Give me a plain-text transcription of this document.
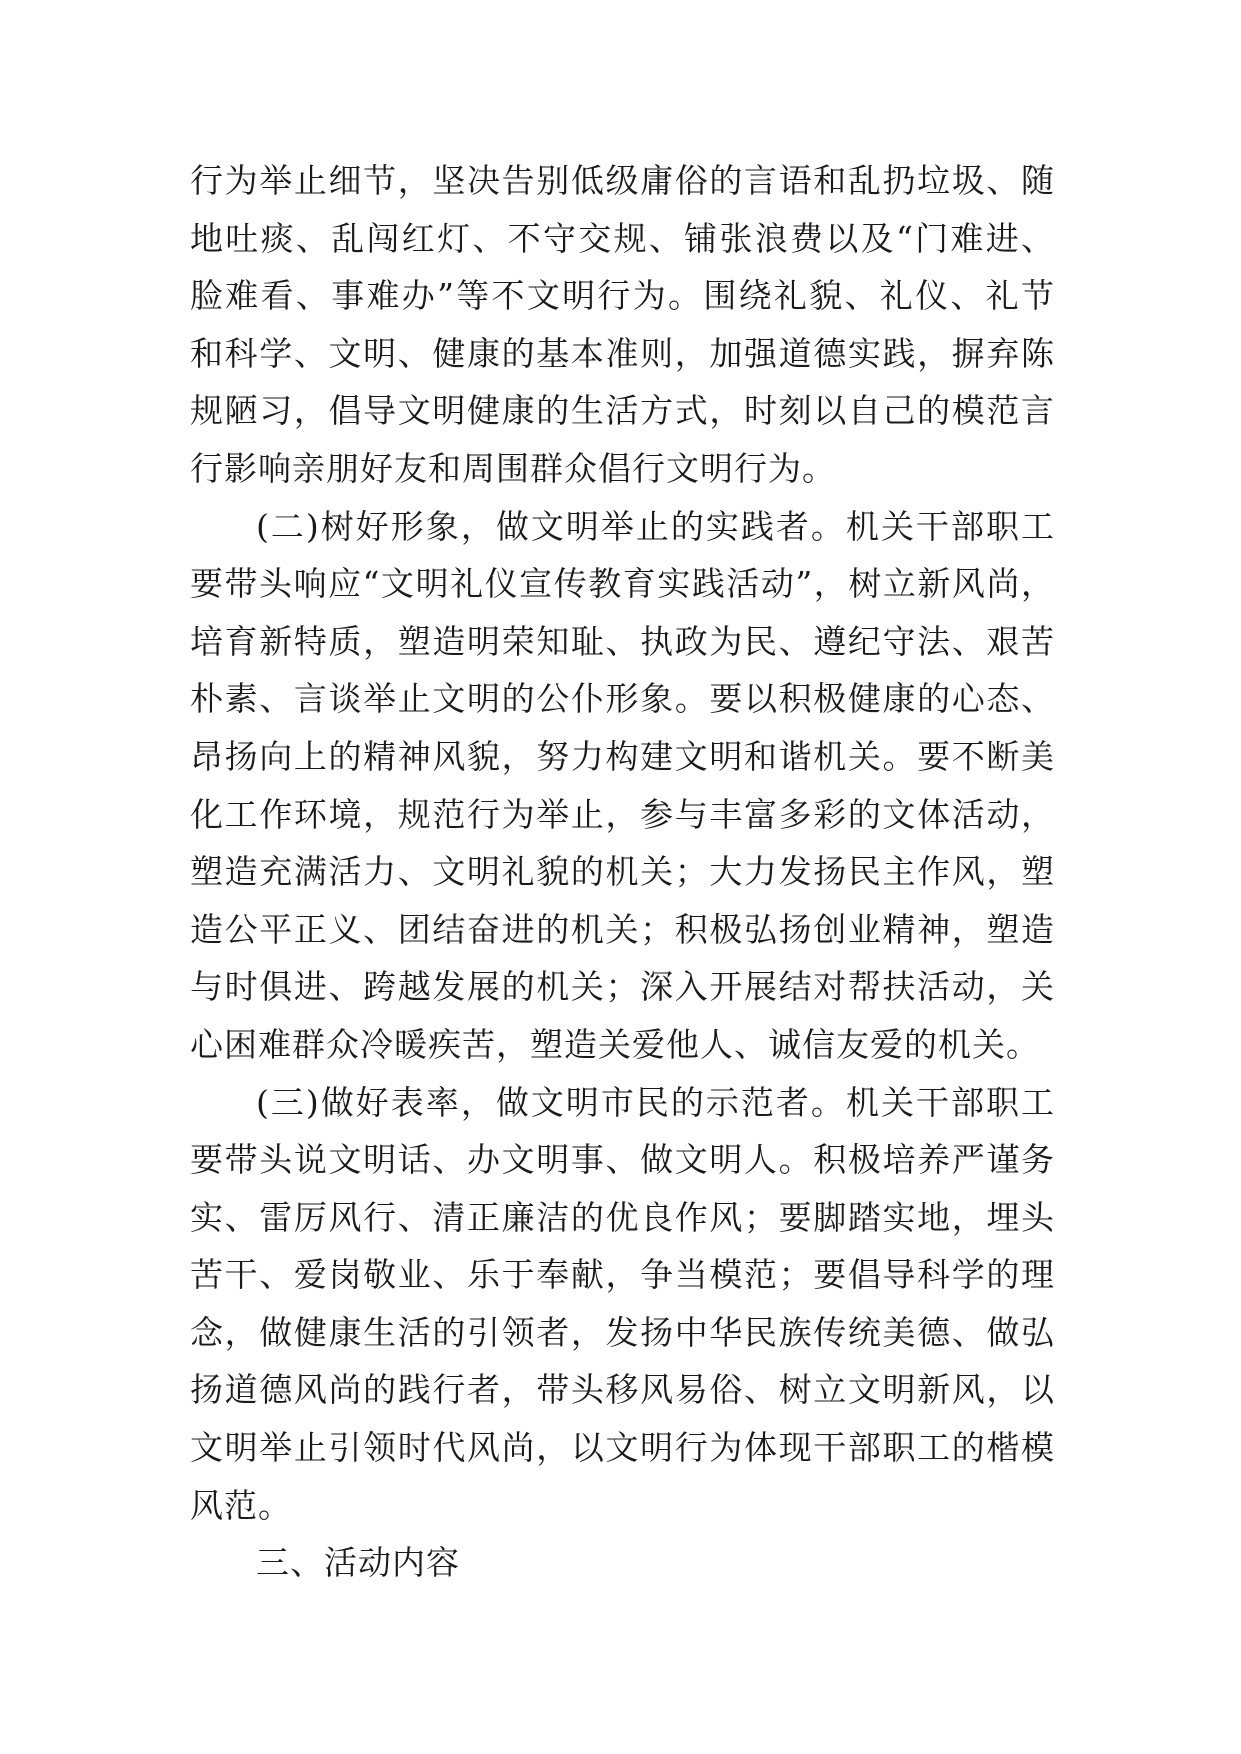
行为举止细节，坚决告别低级庸俗的言语和乱扔垃圾、随地吐痰、乱闯红灯、不守交规、铺张浪费以及“门难进、脸难看、事难办”等不文明行为。围绕礼貌、礼仪、礼节和科学、文明、健康的基本准则，加强道德实践，摒弃陈规陋习，倡导文明健康的生活方式，时刻以自己的模范言行影响亲朋好友和周围群众倡行文明行为。

(二)树好形象，做文明举止的实践者。机关干部职工要带头响应“文明礼仪宣传教育实践活动”，树立新风尚，培育新特质，塑造明荣知耻、执政为民、遵纪守法、艰苦朴素、言谈举止文明的公仆形象。要以积极健康的心态、昂扬向上的精神风貌，努力构建文明和谐机关。要不断美化工作环境，规范行为举止，参与丰富多彩的文体活动，塑造充满活力、文明礼貌的机关；大力发扬民主作风，塑造公平正义、团结奋进的机关；积极弘扬创业精神，塑造与时俱进、跨越发展的机关；深入开展结对帮扶活动，关心困难群众冷暖疾苦，塑造关爱他人、诚信友爱的机关。

(三)做好表率，做文明市民的示范者。机关干部职工要带头说文明话、办文明事、做文明人。积极培养严谨务实、雷厉风行、清正廉洁的优良作风；要脚踏实地，埋头苦干、爱岗敬业、乐于奉献，争当模范；要倡导科学的理念，做健康生活的引领者，发扬中华民族传统美德、做弘扬道德风尚的践行者，带头移风易俗、树立文明新风，以文明举止引领时代风尚，以文明行为体现干部职工的楷模风范。

三、活动内容
